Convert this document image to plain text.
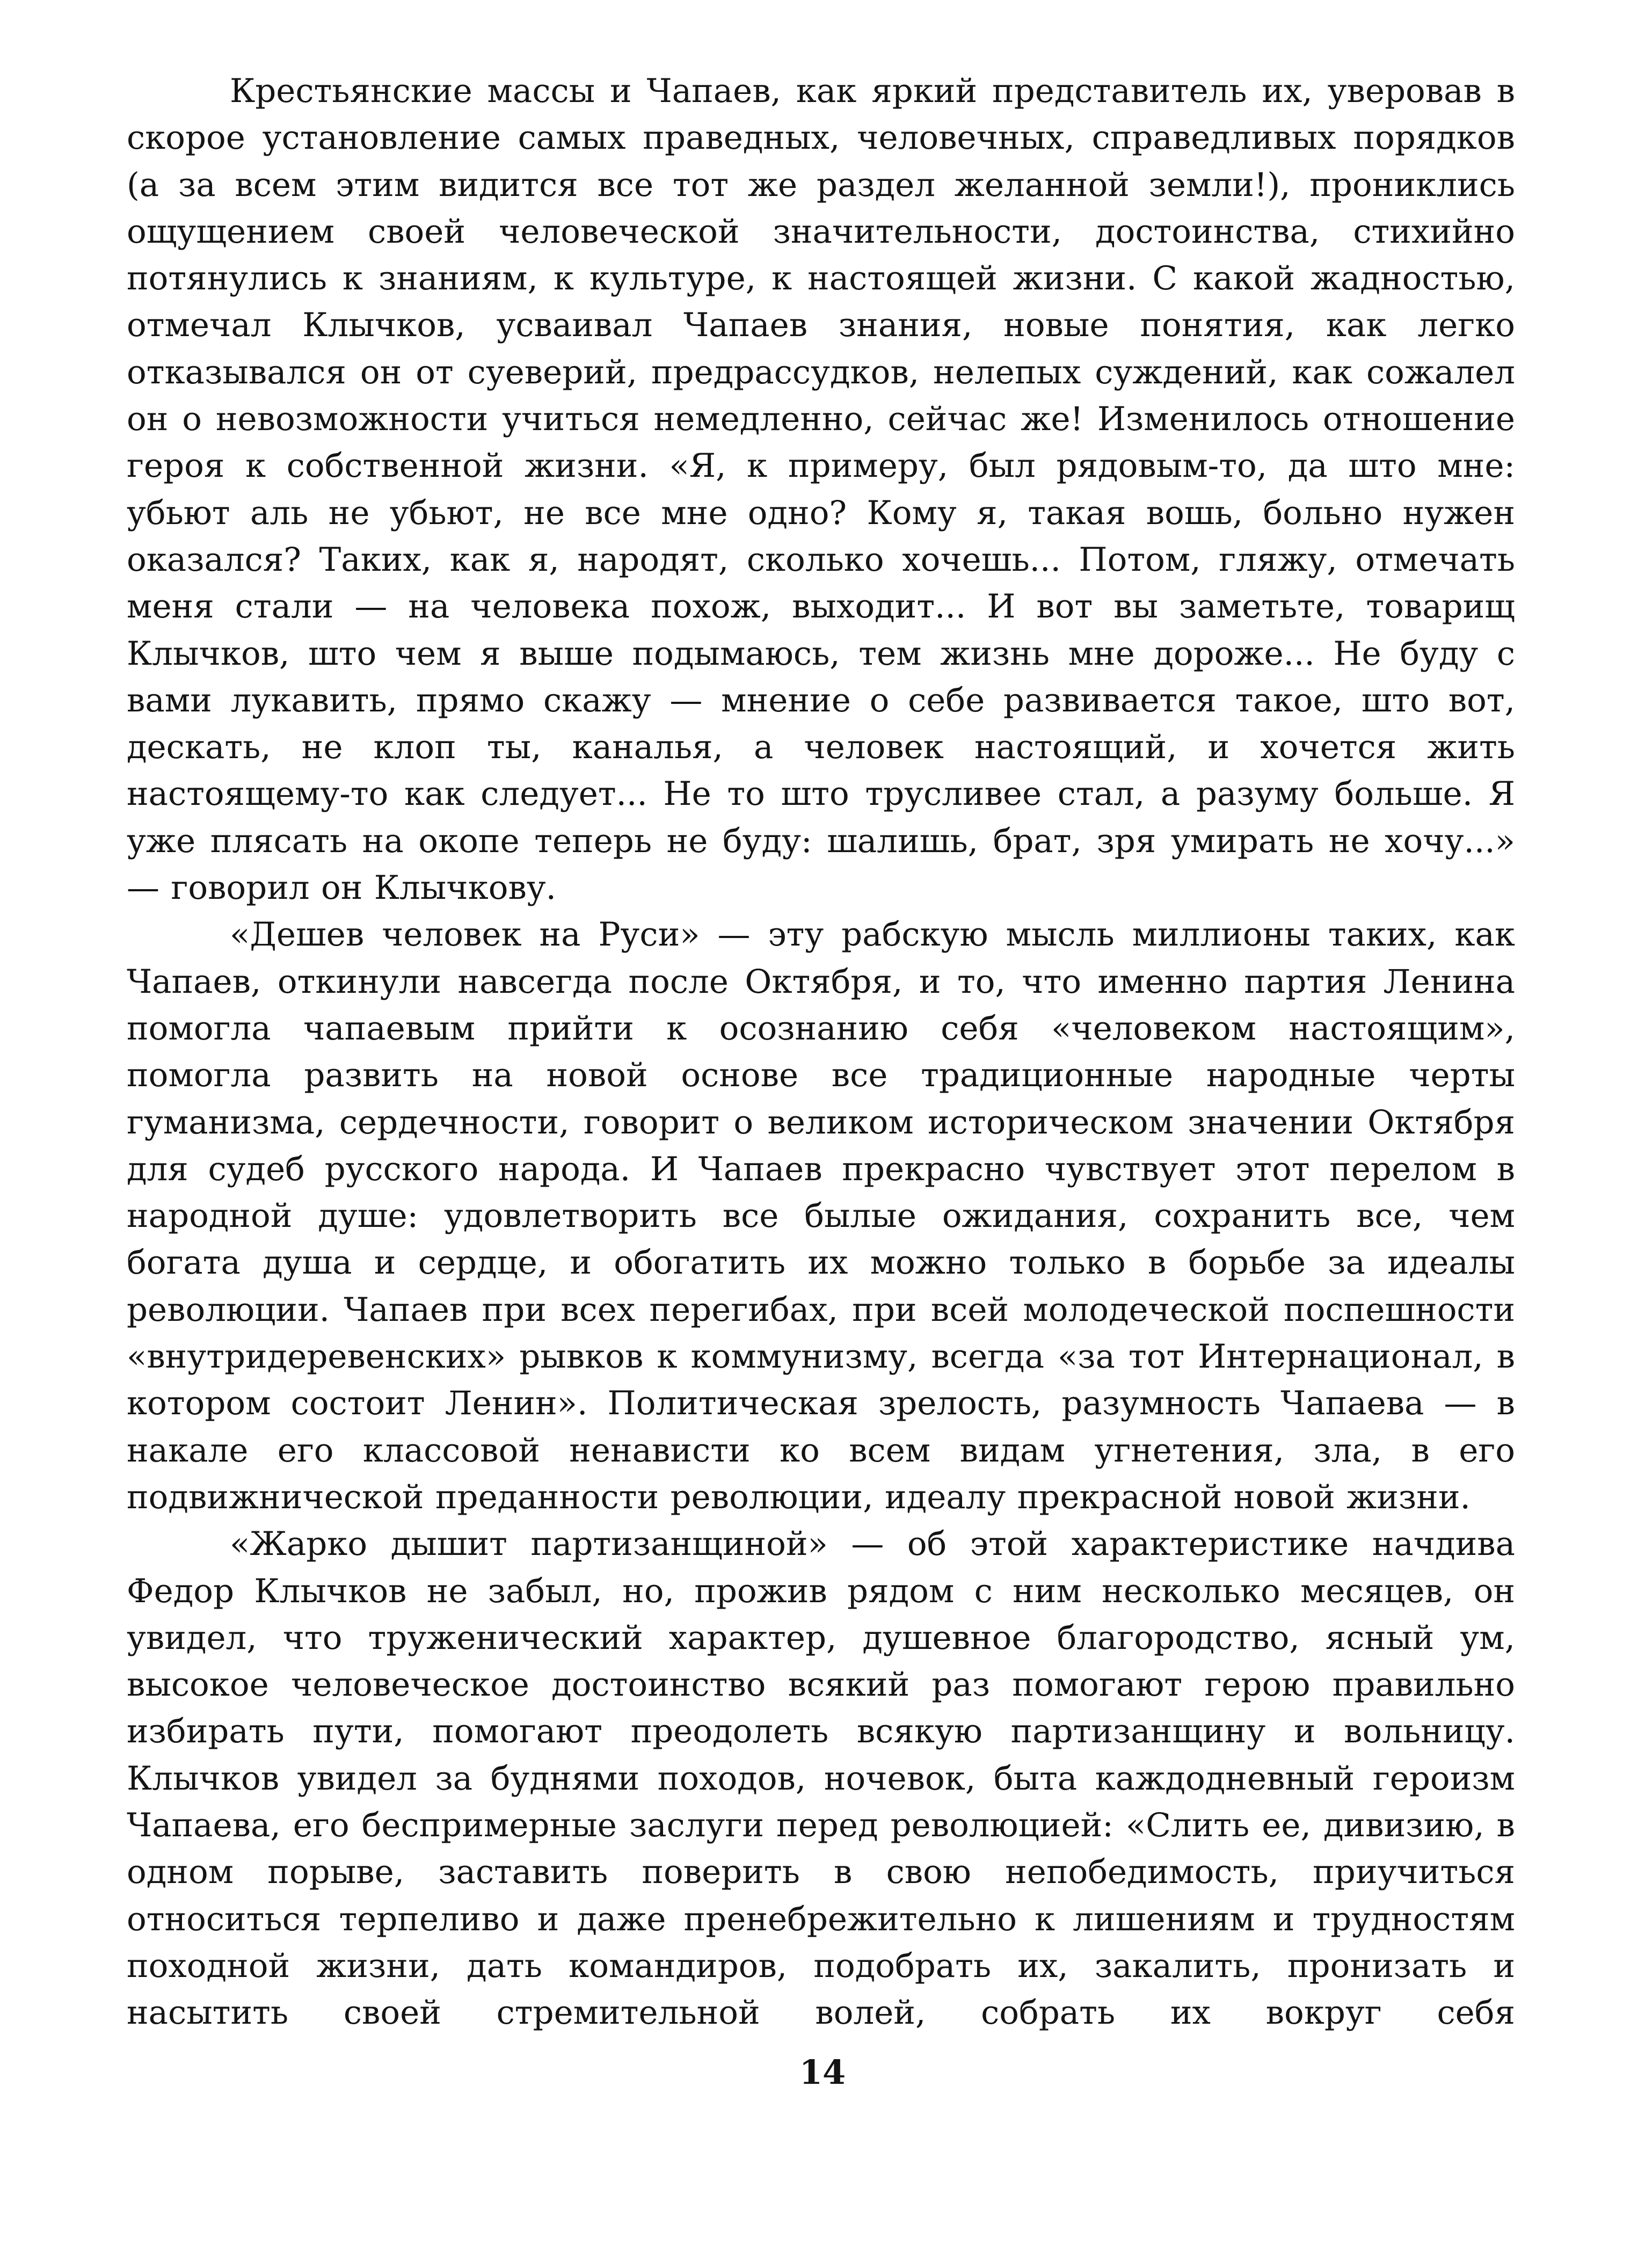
Крестьянские массы и Чапаев, как яркий представитель их, уверовав в скорое установление самых праведных, человечных, справедливых порядков (а за всем этим видится все тот же раздел желанной земли!), прониклись ощущением своей человеческой значительности, достоинства, стихийно потянулись к знаниям, к культуре, к настоящей жизни. С какой жадностью, отмечал Клычков, усваивал Чапаев знания, новые понятия, как легко отказывался он от суеверий, предрассудков, нелепых суждений, как сожалел он о невозможности учиться немедленно, сейчас же! Изменилось отношение героя к собственной жизни. «Я, к примеру, был рядовым-то, да што мне: убьют аль не убьют, не все мне одно? Кому я, такая вошь, больно нужен оказался? Таких, как я, народят, сколько хочешь... Потом, гляжу, отмечать меня стали — на человека похож, выходит... И вот вы заметьте, товарищ Клычков, што чем я выше подымаюсь, тем жизнь мне дороже... Не буду с вами лукавить, прямо скажу — мнение о себе развивается такое, што вот, дескать, не клоп ты, каналья, а человек настоящий, и хочется жить настоящему-то как следует... Не то што трусливее стал, а разуму больше. Я уже плясать на окопе теперь не буду: шалишь, брат, зря умирать не хочу...» — говорил он Клычкову.

«Дешев человек на Руси» — эту рабскую мысль миллионы таких, как Чапаев, откинули навсегда после Октября, и то, что именно партия Ленина помогла чапаевым прийти к осознанию себя «человеком настоящим», помогла развить на новой основе все традиционные народные черты гуманизма, сердечности, говорит о великом историческом значении Октября для судеб русского народа. И Чапаев прекрасно чувствует этот перелом в народной душе: удовлетворить все былые ожидания, сохранить все, чем богата душа и сердце, и обогатить их можно только в борьбе за идеалы революции. Чапаев при всех перегибах, при всей молодеческой поспешности «внутридеревенских» рывков к коммунизму, всегда «за тот Интернационал, в котором состоит Ленин». Политическая зрелость, разумность Чапаева — в накале его классовой ненависти ко всем видам угнетения, зла, в его подвижнической преданности революции, идеалу прекрасной новой жизни.

«Жарко дышит партизанщиной» — об этой характеристике начдива Федор Клычков не забыл, но, прожив рядом с ним несколько месяцев, он увидел, что труженический характер, душевное благородство, ясный ум, высокое человеческое достоинство всякий раз помогают герою правильно избирать пути, помогают преодолеть всякую партизанщину и вольницу. Клычков увидел за буднями походов, ночевок, быта каждодневный героизм Чапаева, его беспримерные заслуги перед революцией: «Слить ее, дивизию, в одном порыве, заставить поверить в свою непобедимость, приучиться относиться терпеливо и даже пренебрежительно к лишениям и трудностям походной жизни, дать командиров, подобрать их, закалить, пронизать и насытить своей стремительной волей, собрать их вокруг себя

14
